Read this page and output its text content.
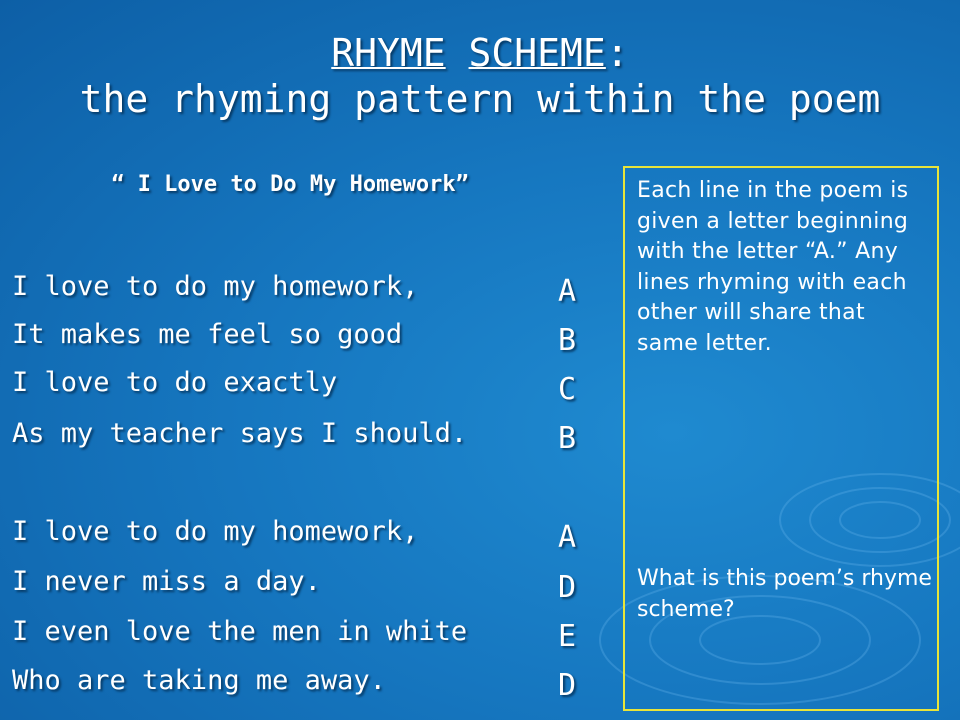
RHYME SCHEME:
the rhyming pattern within the poem
“ I Love to Do My Homework”
I love to do my homework,
It makes me feel so good
I love to do exactly
As my teacher says I should.
I love to do my homework,
I never miss a day.
I even love the men in white
Who are taking me away.
A
B
C
B
A
D
E
D
Each line in the poem is given a letter beginning with the letter “A.” Any lines rhyming with each other will share that same letter.
What is this poem’s rhyme scheme?
